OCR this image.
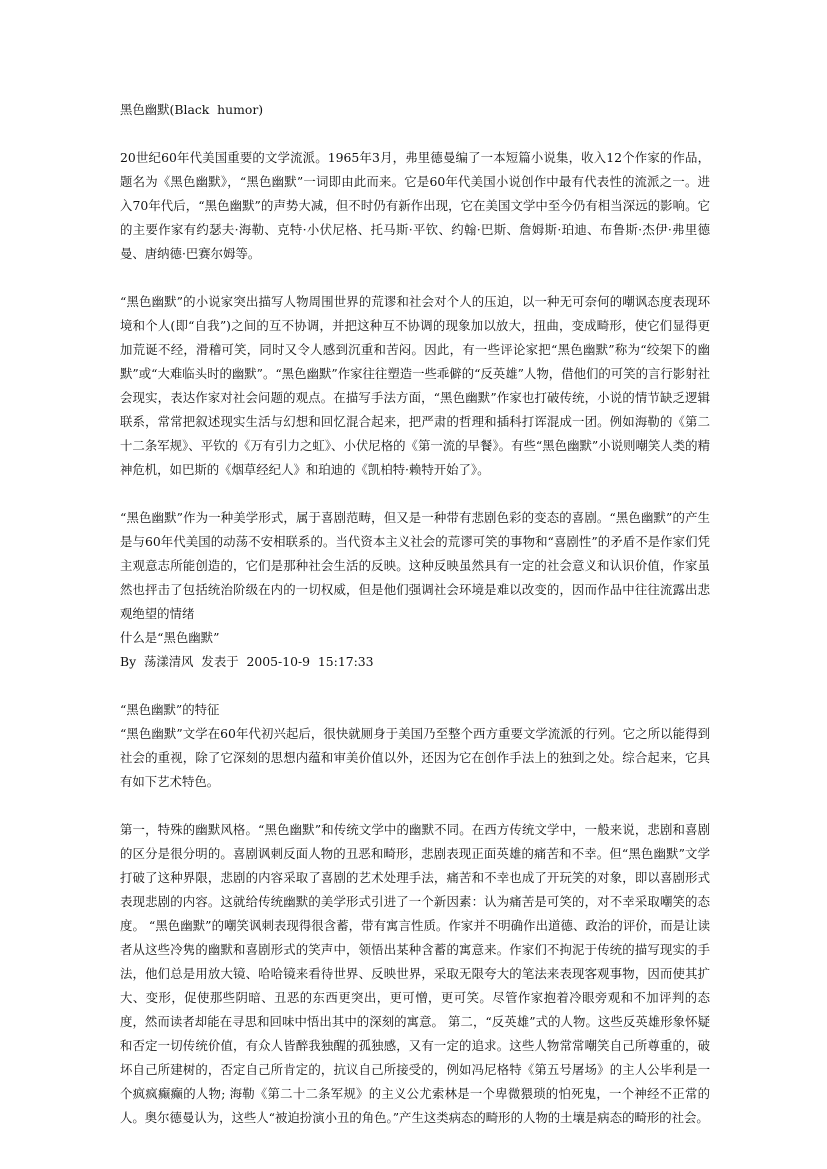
黑色幽默(Black  humor)

20世纪60年代美国重要的文学流派。1965年3月，弗里德曼编了一本短篇小说集，收入12个作家的作品，题名为《黑色幽默》，“黑色幽默”一词即由此而来。它是60年代美国小说创作中最有代表性的流派之一。进入70年代后，“黑色幽默”的声势大减，但不时仍有新作出现，它在美国文学中至今仍有相当深远的影响。它的主要作家有约瑟夫·海勒、克特·小伏尼格、托马斯·平钦、约翰·巴斯、詹姆斯·珀迪、布鲁斯·杰伊·弗里德曼、唐纳德·巴赛尔姆等。

“黑色幽默”的小说家突出描写人物周围世界的荒谬和社会对个人的压迫，以一种无可奈何的嘲讽态度表现环境和个人(即“自我”)之间的互不协调，并把这种互不协调的现象加以放大，扭曲，变成畸形，使它们显得更加荒诞不经，滑稽可笑，同时又令人感到沉重和苦闷。因此，有一些评论家把“黑色幽默”称为“绞架下的幽默”或“大难临头时的幽默”。“黑色幽默”作家往往塑造一些乖僻的“反英雄”人物，借他们的可笑的言行影射社会现实，表达作家对社会问题的观点。在描写手法方面，“黑色幽默”作家也打破传统，小说的情节缺乏逻辑联系，常常把叙述现实生活与幻想和回忆混合起来，把严肃的哲理和插科打诨混成一团。例如海勒的《第二十二条军规》、平钦的《万有引力之虹》、小伏尼格的《第一流的早餐》。有些“黑色幽默”小说则嘲笑人类的精神危机，如巴斯的《烟草经纪人》和珀迪的《凯柏特·赖特开始了》。

“黑色幽默”作为一种美学形式，属于喜剧范畴，但又是一种带有悲剧色彩的变态的喜剧。“黑色幽默”的产生是与60年代美国的动荡不安相联系的。当代资本主义社会的荒谬可笑的事物和“喜剧性”的矛盾不是作家们凭主观意志所能创造的，它们是那种社会生活的反映。这种反映虽然具有一定的社会意义和认识价值，作家虽然也抨击了包括统治阶级在内的一切权威，但是他们强调社会环境是难以改变的，因而作品中往往流露出悲观绝望的情绪

什么是“黑色幽默”
By  荡漾清风  发表于  2005-10-9  15:17:33
“黑色幽默”的特征

“黑色幽默”文学在60年代初兴起后，很快就厕身于美国乃至整个西方重要文学流派的行列。它之所以能得到社会的重视，除了它深刻的思想内蕴和审美价值以外，还因为它在创作手法上的独到之处。综合起来，它具有如下艺术特色。

第一，特殊的幽默风格。“黑色幽默”和传统文学中的幽默不同。在西方传统文学中，一般来说，悲剧和喜剧的区分是很分明的。喜剧讽刺反面人物的丑恶和畸形，悲剧表现正面英雄的痛苦和不幸。但“黑色幽默”文学打破了这种界限，悲剧的内容采取了喜剧的艺术处理手法，痛苦和不幸也成了开玩笑的对象，即以喜剧形式表现悲剧的内容。这就给传统幽默的美学形式引进了一个新因素：认为痛苦是可笑的，对不幸采取嘲笑的态度。 “黑色幽默”的嘲笑讽刺表现得很含蓄，带有寓言性质。作家并不明确作出道德、政治的评价，而是让读者从这些冷隽的幽默和喜剧形式的笑声中，领悟出某种含蓄的寓意来。作家们不拘泥于传统的描写现实的手法，他们总是用放大镜、哈哈镜来看待世界、反映世界，采取无限夸大的笔法来表现客观事物，因而使其扩大、变形，促使那些阴暗、丑恶的东西更突出，更可憎，更可笑。尽管作家抱着冷眼旁观和不加评判的态度，然而读者却能在寻思和回味中悟出其中的深刻的寓意。 第二，“反英雄”式的人物。这些反英雄形象怀疑和否定一切传统价值，有众人皆醉我独醒的孤独感，又有一定的追求。这些人物常常嘲笑自己所尊重的，破坏自己所建树的，否定自己所肯定的，抗议自己所接受的，例如冯尼格特《第五号屠场》的主人公毕利是一个疯疯癫癫的人物; 海勒《第二十二条军规》的主义公尤索林是一个卑微猥琐的怕死鬼，一个神经不正常的人。奥尔德曼认为，这些人“被迫扮演小丑的角色。”产生这类病态的畸形的人物的土壤是病态的畸形的社会。
